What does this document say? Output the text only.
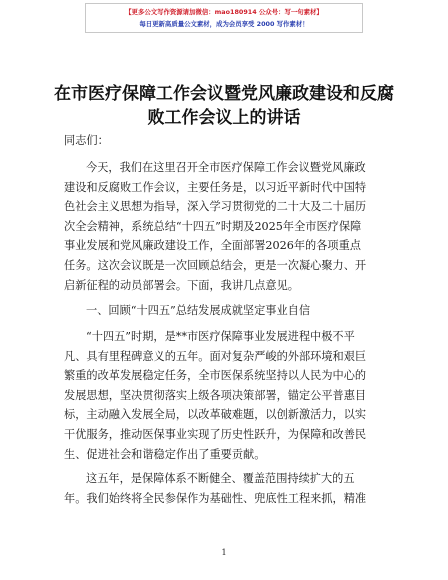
【更多公文写作资源请加微信：mao180914 公众号：写一句素材】
每日更新高质量公文素材，成为会员享受 2000 写作素材！
在市医疗保障工作会议暨党风廉政建设和反腐
败工作会议上的讲话
同志们：
今天，我们在这里召开全市医疗保障工作会议暨党风廉政
建设和反腐败工作会议，主要任务是，以习近平新时代中国特
色社会主义思想为指导，深入学习贯彻党的二十大及二十届历
次全会精神，系统总结“十四五”时期及2025年全市医疗保障
事业发展和党风廉政建设工作，全面部署2026年的各项重点
任务。这次会议既是一次回顾总结会，更是一次凝心聚力、开
启新征程的动员部署会。下面，我讲几点意见。
一、回顾“十四五”总结发展成就坚定事业自信
“十四五”时期，是**市医疗保障事业发展进程中极不平
凡、具有里程碑意义的五年。面对复杂严峻的外部环境和艰巨
繁重的改革发展稳定任务，全市医保系统坚持以人民为中心的
发展思想，坚决贯彻落实上级各项决策部署，锚定公平普惠目
标，主动融入发展全局，以改革破难题，以创新激活力，以实
干优服务，推动医保事业实现了历史性跃升，为保障和改善民
生、促进社会和谐稳定作出了重要贡献。
这五年，是保障体系不断健全、覆盖范围持续扩大的五
年。我们始终将全民参保作为基础性、兜底性工程来抓，精准
1
